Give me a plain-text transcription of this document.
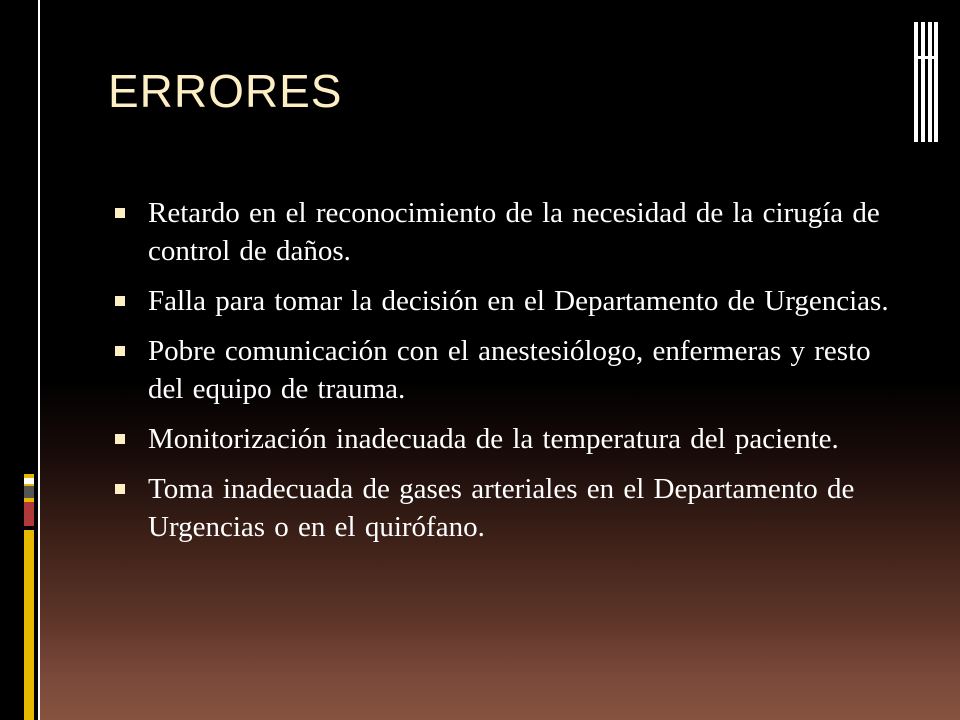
ERRORES
Retardo en el reconocimiento de la necesidad de la cirugía de control de daños.
Falla para tomar la decisión en el Departamento de Urgencias.
Pobre comunicación con el anestesiólogo, enfermeras y resto del equipo de trauma.
Monitorización inadecuada de la temperatura del paciente.
Toma inadecuada de gases arteriales en el Departamento de Urgencias o en el quirófano.
